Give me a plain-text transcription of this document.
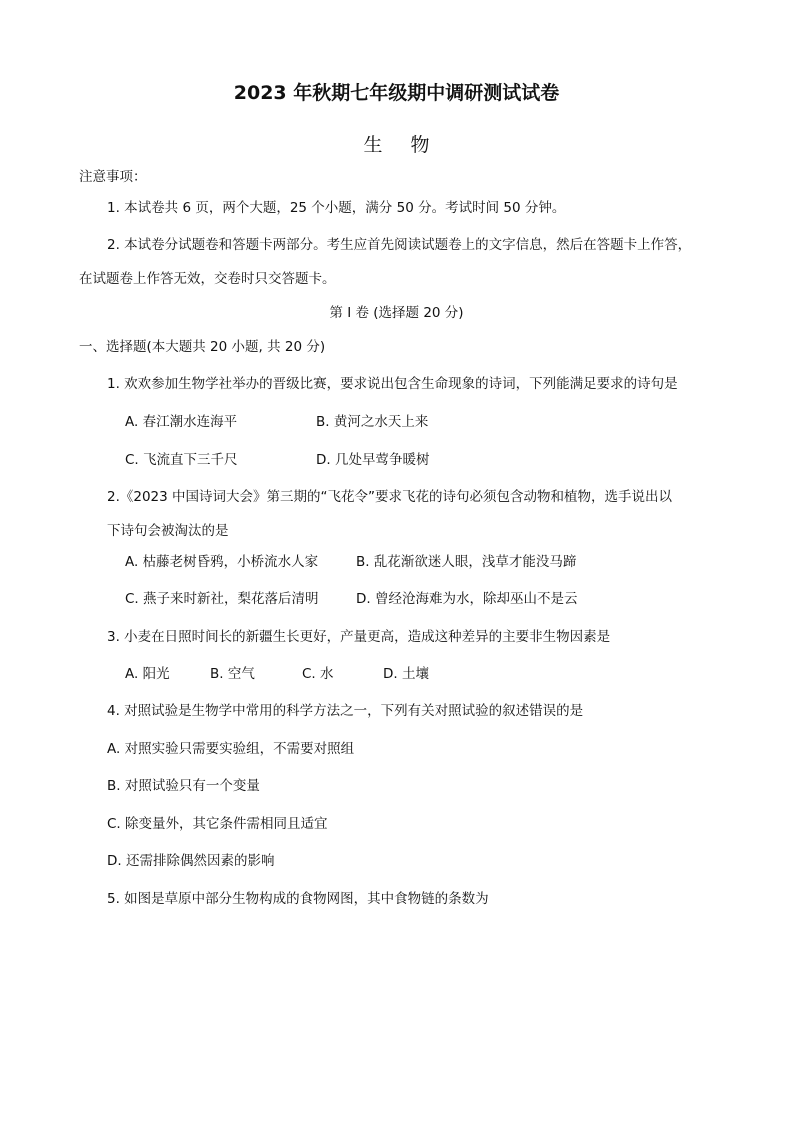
2023 年秋期七年级期中调研测试试卷
生物
注意事项：
1. 本试卷共 6 页，两个大题，25 个小题，满分 50 分。考试时间 50 分钟。
2. 本试卷分试题卷和答题卡两部分。考生应首先阅读试题卷上的文字信息，然后在答题卡上作答，
在试题卷上作答无效，交卷时只交答题卡。
第 I 卷 (选择题 20 分)
一、选择题(本大题共 20 小题, 共 20 分)
1. 欢欢参加生物学社举办的晋级比赛，要求说出包含生命现象的诗词，下列能满足要求的诗句是
A. 春江潮水连海平	B. 黄河之水天上来
C. 飞流直下三千尺	D. 几处早莺争暖树
2.《2023 中国诗词大会》第三期的“飞花令”要求飞花的诗句必须包含动物和植物，选手说出以
下诗句会被淘汰的是
A. 枯藤老树昏鸦，小桥流水人家	B. 乱花渐欲迷人眼，浅草才能没马蹄
C. 燕子来时新社，梨花落后清明	D. 曾经沧海难为水，除却巫山不是云
3. 小麦在日照时间长的新疆生长更好，产量更高，造成这种差异的主要非生物因素是
A. 阳光	B. 空气	C. 水	D. 土壤
4. 对照试验是生物学中常用的科学方法之一，下列有关对照试验的叙述错误的是
A. 对照实验只需要实验组，不需要对照组
B. 对照试验只有一个变量
C. 除变量外，其它条件需相同且适宜
D. 还需排除偶然因素的影响
5. 如图是草原中部分生物构成的食物网图，其中食物链的条数为
